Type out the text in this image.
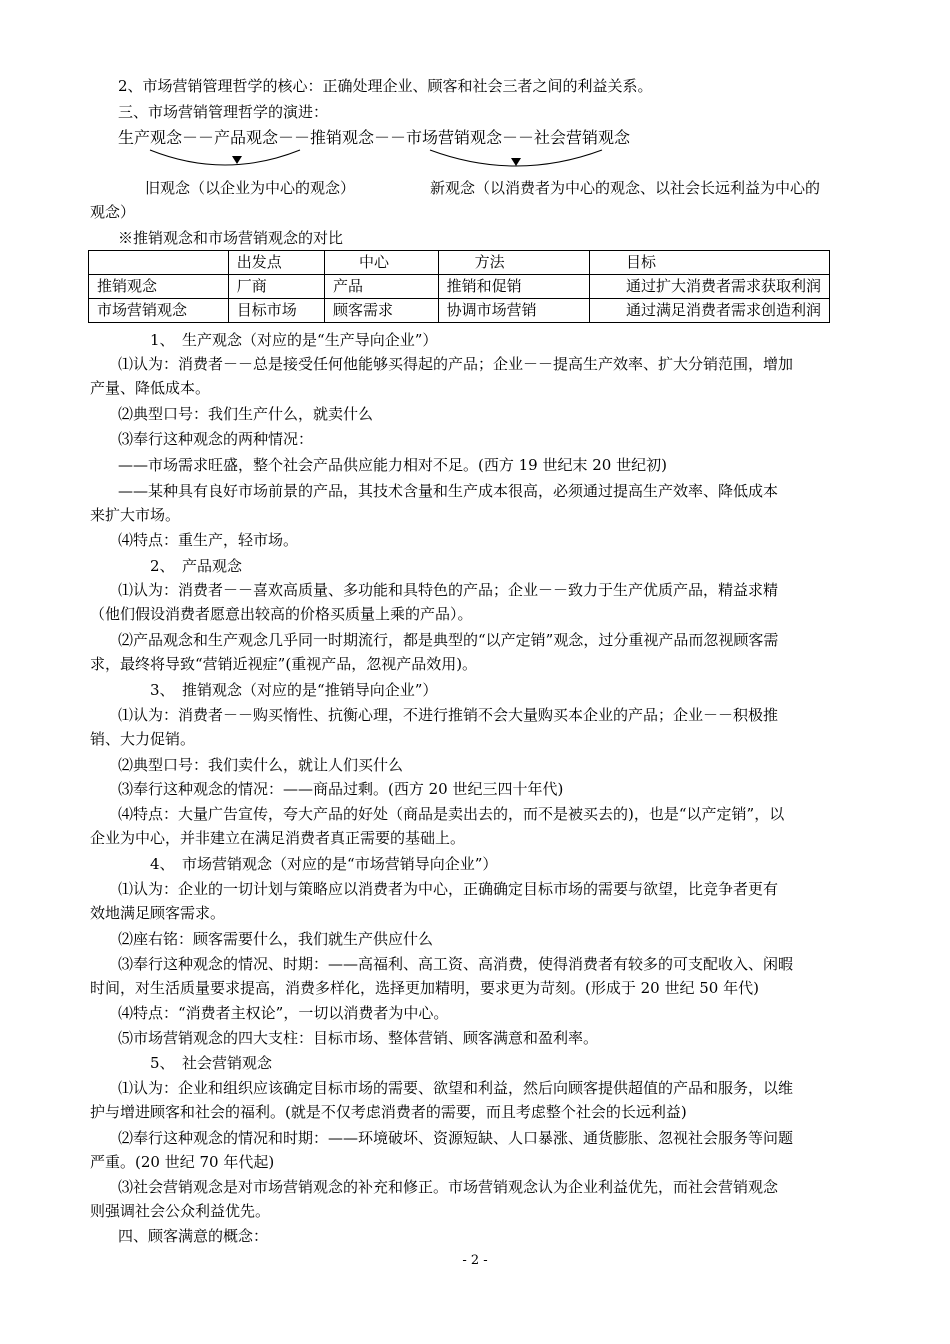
2、市场营销管理哲学的核心：正确处理企业、顾客和社会三者之间的利益关系。
三、市场营销管理哲学的演进：
生产观念－－产品观念－－推销观念－－市场营销观念－－社会营销观念
旧观念（以企业为中心的观念）	新观念（以消费者为中心的观念、以社会长远利益为中心的
观念）
※推销观念和市场营销观念的对比
	出发点	中心	方法	目标
推销观念	厂商	产品	推销和促销	通过扩大消费者需求获取利润
市场营销观念	目标市场	顾客需求	协调市场营销	通过满足消费者需求创造利润
1、　生产观念（对应的是“生产导向企业”）
⑴认为：消费者－－总是接受任何他能够买得起的产品；企业－－提高生产效率、扩大分销范围，增加
产量、降低成本。
⑵典型口号：我们生产什么，就卖什么
⑶奉行这种观念的两种情况：
——市场需求旺盛，整个社会产品供应能力相对不足。(西方 19 世纪末 20 世纪初)
——某种具有良好市场前景的产品，其技术含量和生产成本很高，必须通过提高生产效率、降低成本
来扩大市场。
⑷特点：重生产，轻市场。
2、　产品观念
⑴认为：消费者－－喜欢高质量、多功能和具特色的产品；企业－－致力于生产优质产品，精益求精
（他们假设消费者愿意出较高的价格买质量上乘的产品）。
⑵产品观念和生产观念几乎同一时期流行，都是典型的“以产定销”观念，过分重视产品而忽视顾客需
求，最终将导致“营销近视症”(重视产品，忽视产品效用)。
3、　推销观念（对应的是“推销导向企业”）
⑴认为：消费者－－购买惰性、抗衡心理，不进行推销不会大量购买本企业的产品；企业－－积极推
销、大力促销。
⑵典型口号：我们卖什么，就让人们买什么
⑶奉行这种观念的情况：——商品过剩。(西方 20 世纪三四十年代)
⑷特点：大量广告宣传，夸大产品的好处（商品是卖出去的，而不是被买去的)，也是“以产定销”，以
企业为中心，并非建立在满足消费者真正需要的基础上。
4、　市场营销观念（对应的是“市场营销导向企业”）
⑴认为：企业的一切计划与策略应以消费者为中心，正确确定目标市场的需要与欲望，比竞争者更有
效地满足顾客需求。
⑵座右铭：顾客需要什么，我们就生产供应什么
⑶奉行这种观念的情况、时期：——高福利、高工资、高消费，使得消费者有较多的可支配收入、闲暇
时间，对生活质量要求提高，消费多样化，选择更加精明，要求更为苛刻。(形成于 20 世纪 50 年代)
⑷特点：“消费者主权论”，一切以消费者为中心。
⑸市场营销观念的四大支柱：目标市场、整体营销、顾客满意和盈利率。
5、　社会营销观念
⑴认为：企业和组织应该确定目标市场的需要、欲望和利益，然后向顾客提供超值的产品和服务，以维
护与增进顾客和社会的福利。(就是不仅考虑消费者的需要，而且考虑整个社会的长远利益)
⑵奉行这种观念的情况和时期：——环境破坏、资源短缺、人口暴涨、通货膨胀、忽视社会服务等问题
严重。(20 世纪 70 年代起)
⑶社会营销观念是对市场营销观念的补充和修正。市场营销观念认为企业利益优先，而社会营销观念
则强调社会公众利益优先。
四、顾客满意的概念：
- 2 -
